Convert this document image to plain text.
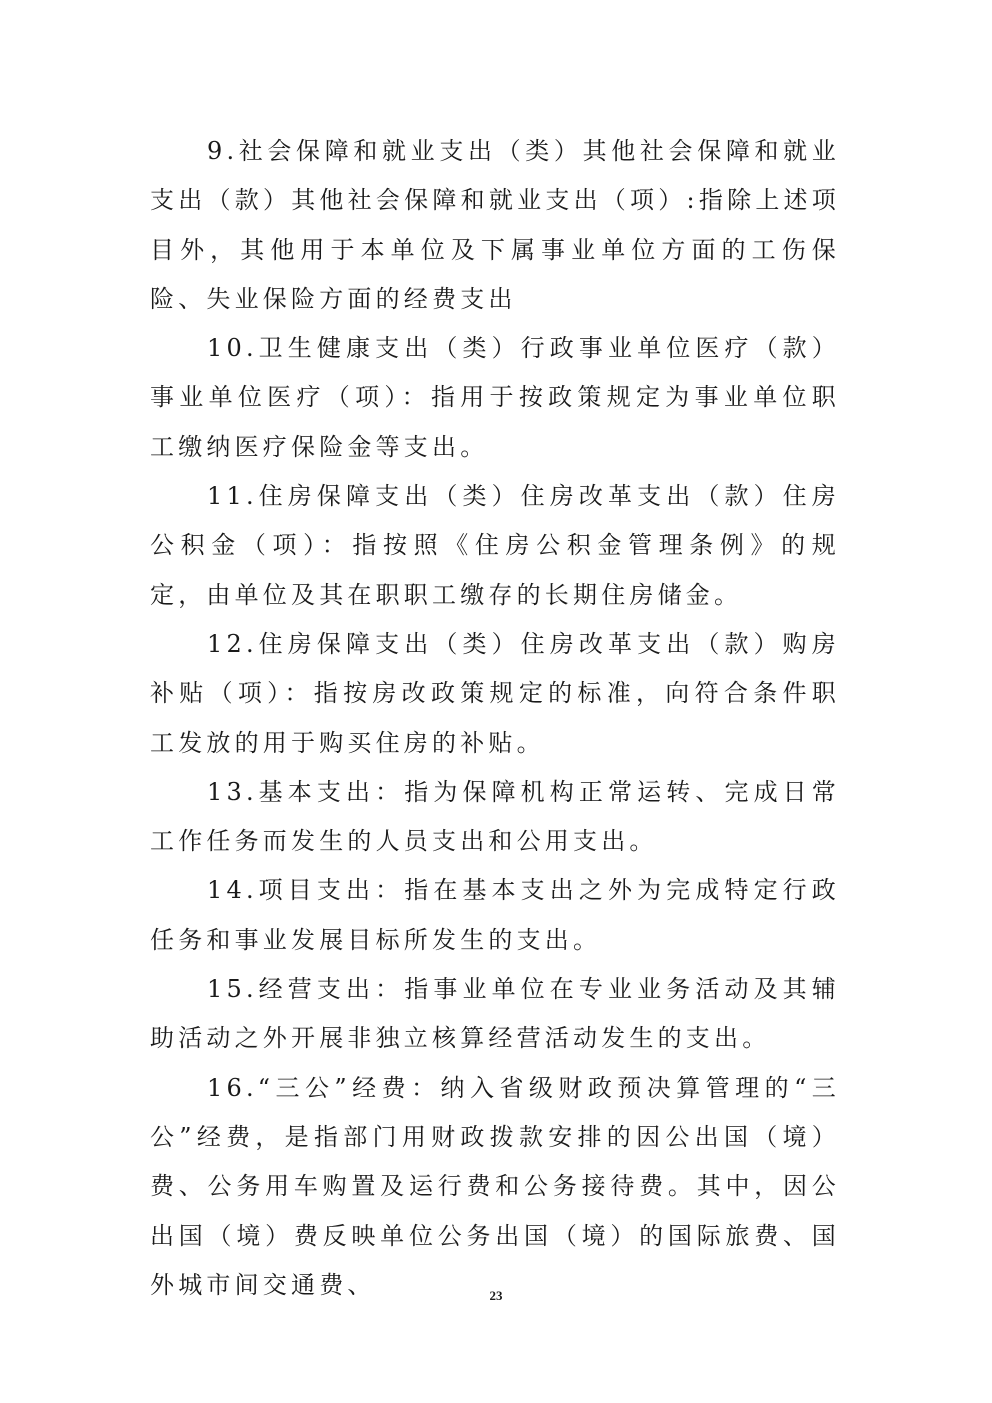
9.社会保障和就业支出（类）其他社会保障和就业支出（款）其他社会保障和就业支出（项）:指除上述项目外，其他用于本单位及下属事业单位方面的工伤保险、失业保险方面的经费支出

10.卫生健康支出（类）行政事业单位医疗（款）事业单位医疗（项）：指用于按政策规定为事业单位职工缴纳医疗保险金等支出。

11.住房保障支出（类）住房改革支出（款）住房公积金（项）：指按照《住房公积金管理条例》的规定，由单位及其在职职工缴存的长期住房储金。

12.住房保障支出（类）住房改革支出（款）购房补贴（项）：指按房改政策规定的标准，向符合条件职工发放的用于购买住房的补贴。

13.基本支出：指为保障机构正常运转、完成日常工作任务而发生的人员支出和公用支出。

14.项目支出：指在基本支出之外为完成特定行政任务和事业发展目标所发生的支出。

15.经营支出：指事业单位在专业业务活动及其辅助活动之外开展非独立核算经营活动发生的支出。

16.“三公”经费：纳入省级财政预决算管理的“三公”经费，是指部门用财政拨款安排的因公出国（境）费、公务用车购置及运行费和公务接待费。其中，因公出国（境）费反映单位公务出国（境）的国际旅费、国外城市间交通费、	23
